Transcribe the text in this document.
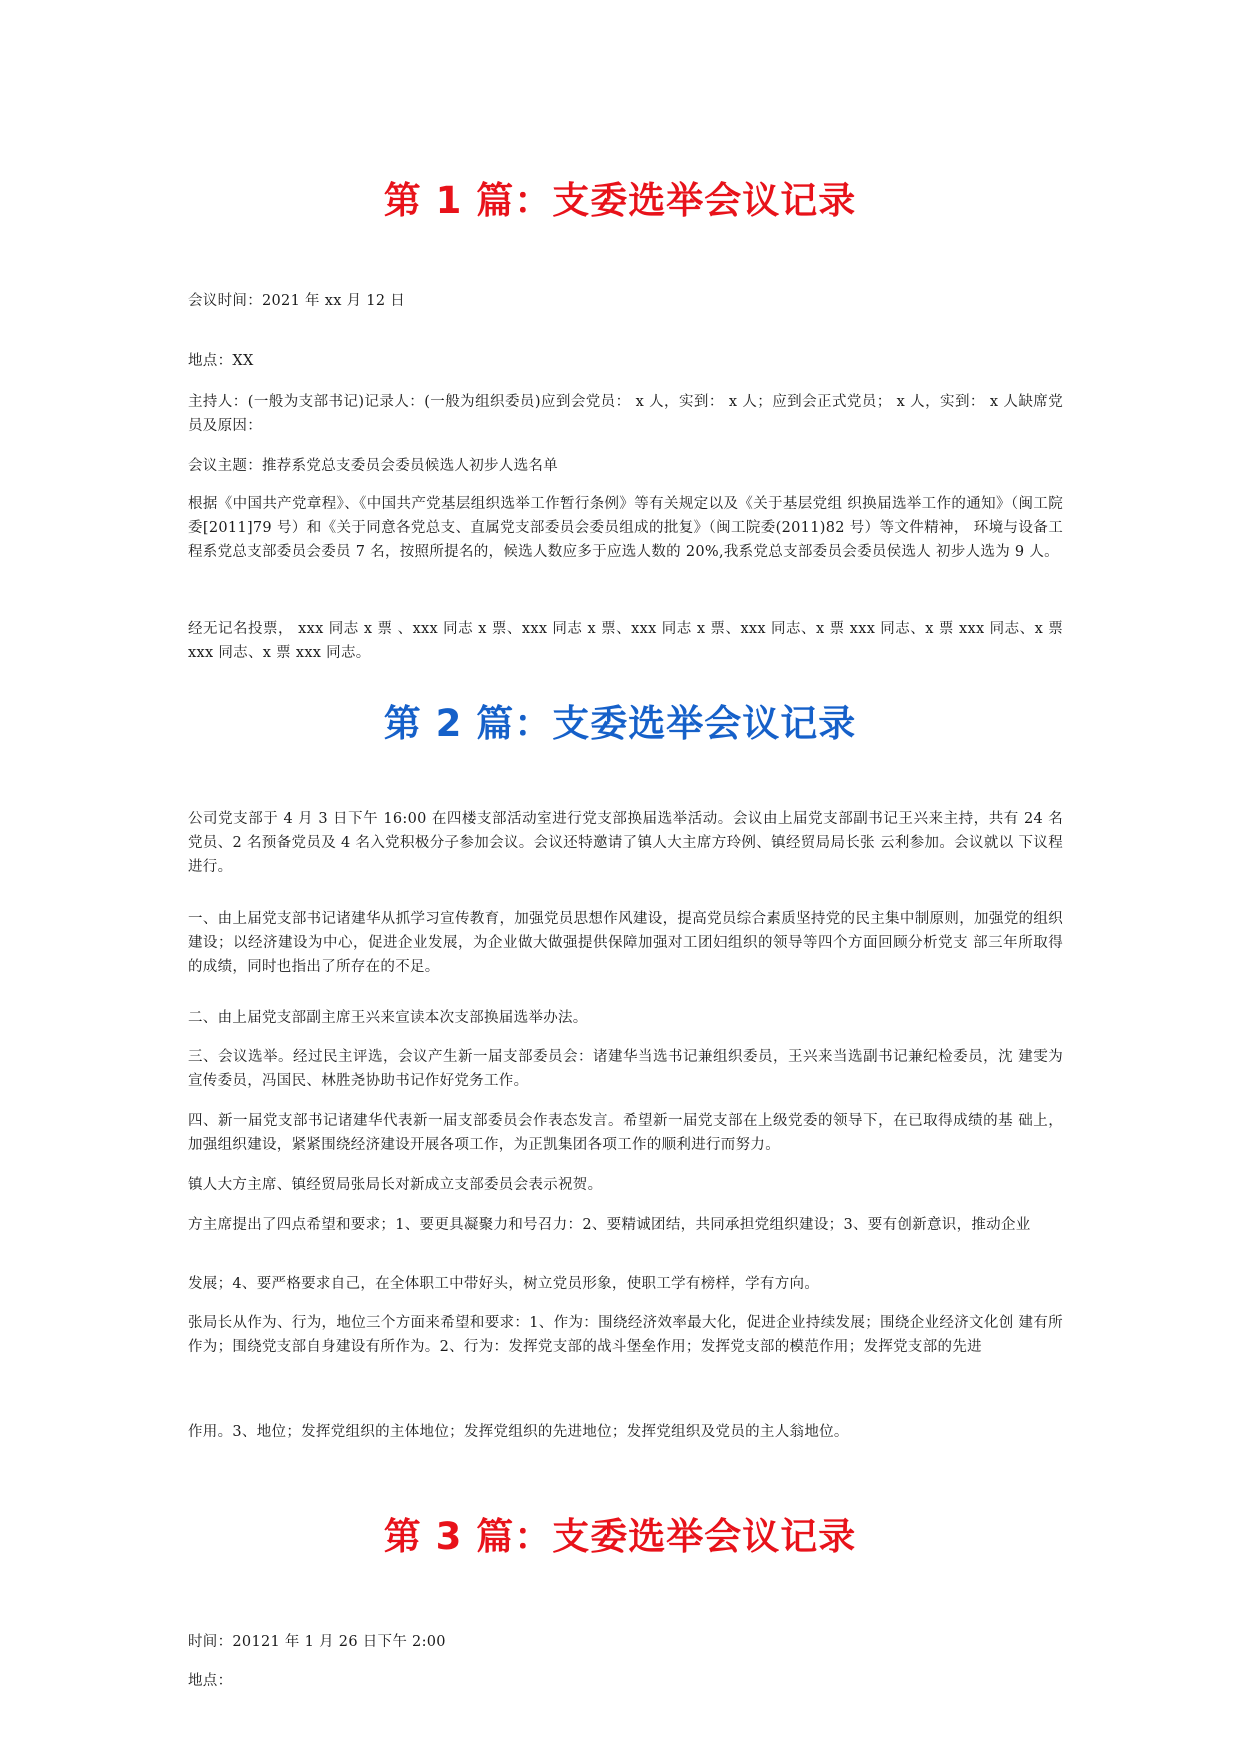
第 1 篇：支委选举会议记录

会议时间：2021 年 xx 月 12 日

地点：XX

主持人：(一般为支部书记)记录人：(一般为组织委员)应到会党员： x 人，实到： x 人；应到会正式党员； x 人，实到： x 人缺席党员及原因：

会议主题：推荐系党总支委员会委员候选人初步人选名单

根据《中国共产党章程》、《中国共产党基层组织选举工作暂行条例》等有关规定以及《关于基层党组 织换届选举工作的通知》（闽工院委[2011]79 号）和《关于同意各党总支、直属党支部委员会委员组成的批复》（闽工院委(2011)82 号）等文件精神， 环境与设备工程系党总支部委员会委员 7 名，按照所提名的，候选人数应多于应选人数的 20%,我系党总支部委员会委员侯选人 初步人选为 9 人。

经无记名投票， xxx 同志 x 票 、xxx 同志 x 票、xxx 同志 x 票、xxx 同志 x 票、xxx 同志、x 票 xxx 同志、x 票 xxx 同志、x 票 xxx 同志、x 票 xxx 同志。

第 2 篇：支委选举会议记录

公司党支部于 4 月 3 日下午 16:00 在四楼支部活动室进行党支部换届选举活动。会议由上届党支部副书记王兴来主持，共有 24 名党员、2 名预备党员及 4 名入党积极分子参加会议。会议还特邀请了镇人大主席方玲例、镇经贸局局长张 云利参加。会议就以 下议程进行。

一、由上届党支部书记诸建华从抓学习宣传教育，加强党员思想作风建设，提高党员综合素质坚持党的民主集中制原则，加强党的组织建设；以经济建设为中心，促进企业发展，为企业做大做强提供保障加强对工团妇组织的领导等四个方面回顾分析党支 部三年所取得的成绩，同时也指出了所存在的不足。

二、由上届党支部副主席王兴来宣读本次支部换届选举办法。

三、会议选举。经过民主评选，会议产生新一届支部委员会：诸建华当选书记兼组织委员，王兴来当选副书记兼纪检委员，沈 建雯为宣传委员，冯国民、林胜尧协助书记作好党务工作。

四、新一届党支部书记诸建华代表新一届支部委员会作表态发言。希望新一届党支部在上级党委的领导下，在已取得成绩的基 础上，加强组织建设，紧紧围绕经济建设开展各项工作，为正凯集团各项工作的顺利进行而努力。

镇人大方主席、镇经贸局张局长对新成立支部委员会表示祝贺。

方主席提出了四点希望和要求；1、要更具凝聚力和号召力：2、要精诚团结，共同承担党组织建设；3、要有创新意识，推动企业

发展；4、要严格要求自己，在全体职工中带好头，树立党员形象，使职工学有榜样，学有方向。

张局长从作为、行为，地位三个方面来希望和要求：1、作为：围绕经济效率最大化，促进企业持续发展；围绕企业经济文化创 建有所作为；围绕党支部自身建设有所作为。2、行为：发挥党支部的战斗堡垒作用；发挥党支部的模范作用；发挥党支部的先进

作用。3、地位；发挥党组织的主体地位；发挥党组织的先进地位；发挥党组织及党员的主人翁地位。

第 3 篇：支委选举会议记录

时间：20121 年 1 月 26 日下午 2:00

地点：
